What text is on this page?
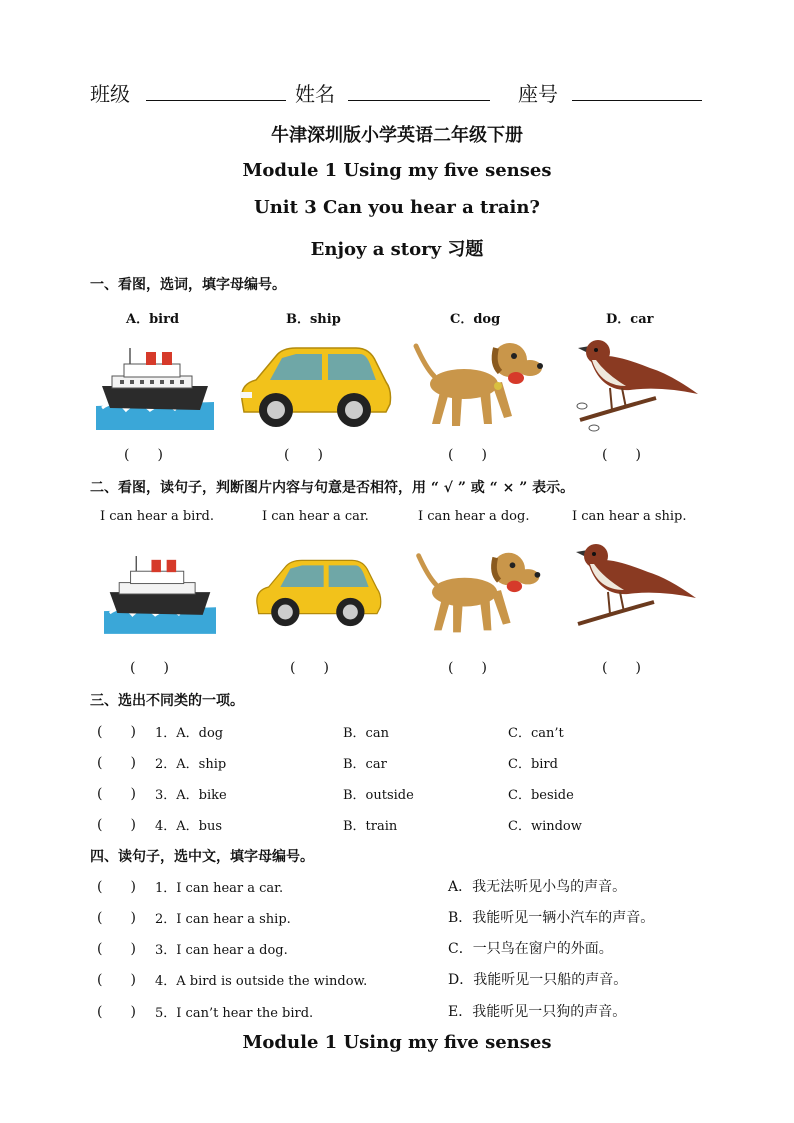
班级	姓名	座号
牛津深圳版小学英语二年级下册
Module 1 Using my five senses
Unit 3 Can you hear a train?
Enjoy a story 习题
一、看图，选词，填字母编号。
A．bird	B．ship	C．dog	D．car
(　　)	(　　)	(　　)	(　　)
二、看图，读句子，判断图片内容与句意是否相符，用 “ √ ” 或 “ × ” 表示。
I can hear a bird.	I can hear a car.	I can hear a dog.	I can hear a ship.
(　　)	(　　)	(　　)	(　　)
三、选出不同类的一项。
(　　) 1．A．dog	B．can	C．can’t
(　　) 2．A．ship	B．car	C．bird
(　　) 3．A．bike	B．outside	C．beside
(　　) 4．A．bus	B．train	C．window
四、读句子，选中文，填字母编号。
(　　) 1．I can hear a car.	A．我无法听见小鸟的声音。
(　　) 2．I can hear a ship.	B．我能听见一辆小汽车的声音。
(　　) 3．I can hear a dog.	C．一只鸟在窗户的外面。
(　　) 4．A bird is outside the window.	D．我能听见一只船的声音。
(　　) 5．I can’t hear the bird.	E．我能听见一只狗的声音。
Module 1 Using my five senses
